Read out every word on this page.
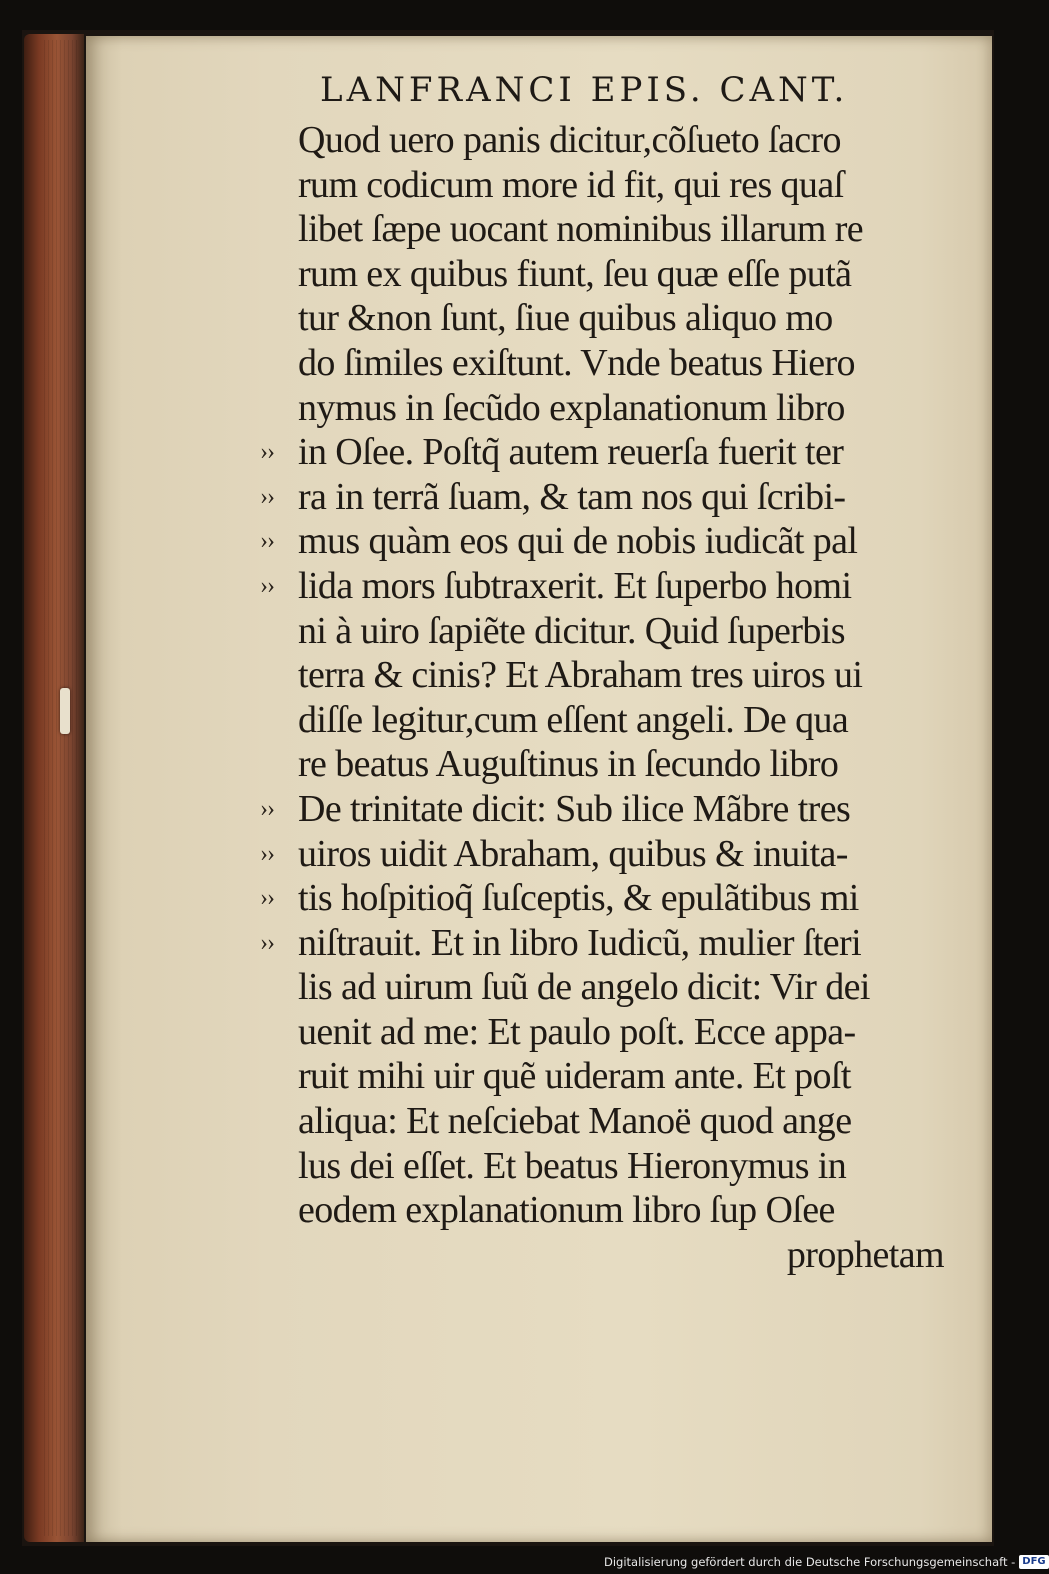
LANFRANCI EPIS. CANT.
Quod uero panis dicitur,cõſueto ſacro
rum codicum more id fit, qui res quaſ
libet ſæpe uocant nominibus illarum re
rum ex quibus fiunt, ſeu quæ eſſe putã
tur &non ſunt, ſiue quibus aliquo mo
do ſimiles exiſtunt. Vnde beatus Hiero
nymus in ſecũdo explanationum libro
›› in Oſee. Poſtq̃ autem reuerſa fuerit ter
›› ra in terrã ſuam, & tam nos qui ſcribi-
›› mus quàm eos qui de nobis iudicãt pal
›› lida mors ſubtraxerit. Et ſuperbo homi
ni à uiro ſapiẽte dicitur. Quid ſuperbis
terra & cinis? Et Abraham tres uiros ui
diſſe legitur,cum eſſent angeli. De qua
re beatus Auguſtinus in ſecundo libro
›› De trinitate dicit: Sub ilice Mãbre tres
›› uiros uidit Abraham, quibus & inuita-
›› tis hoſpitioq̃ ſuſceptis, & epulãtibus mi
›› niſtrauit. Et in libro Iudicũ, mulier ſteri
lis ad uirum ſuũ de angelo dicit: Vir dei
uenit ad me: Et paulo poſt. Ecce appa-
ruit mihi uir quẽ uideram ante. Et poſt
aliqua: Et neſciebat Manoë quod ange
lus dei eſſet. Et beatus Hieronymus in
eodem explanationum libro ſup Oſee
prophetam
Digitalisierung gefördert durch die Deutsche Forschungsgemeinschaft - DFG
